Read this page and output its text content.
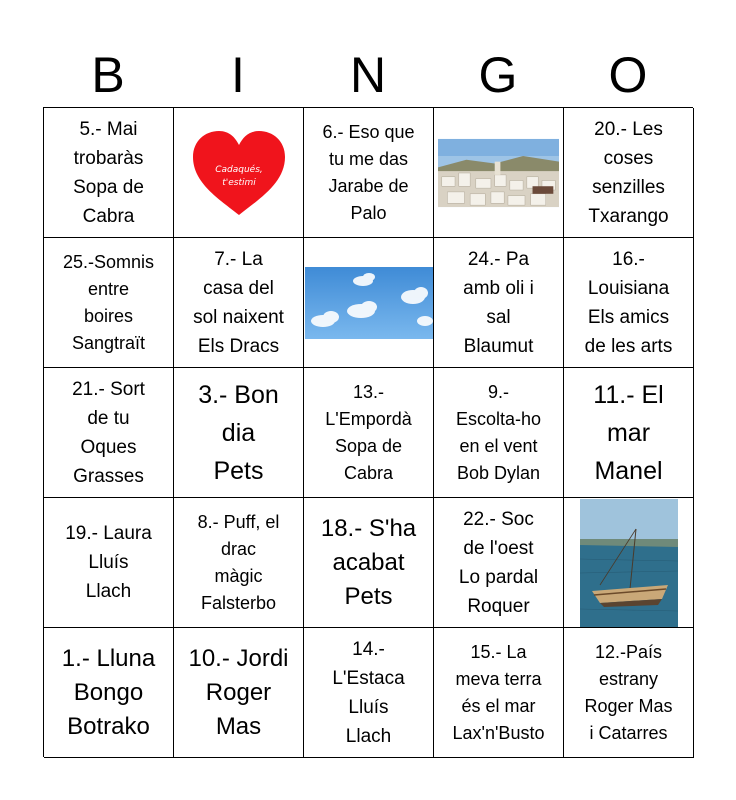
B	I	N	G	O
5.- Mai
trobaràs
Sopa de
Cabra
Cadaqués,
t'estimi
6.- Eso que
tu me das
Jarabe de
Palo
20.- Les
coses
senzilles
Txarango
25.-Somnis
entre
boires
Sangtraït
7.- La
casa del
sol naixent
Els Dracs
24.- Pa
amb oli i
sal
Blaumut
16.-
Louisiana
Els amics
de les arts
21.- Sort
de tu
Oques
Grasses
3.- Bon
dia
Pets
13.-
L'Empordà
Sopa de
Cabra
9.-
Escolta-ho
en el vent
Bob Dylan
11.- El
mar
Manel
19.- Laura
Lluís
Llach
8.- Puff, el
drac
màgic
Falsterbo
18.- S'ha
acabat
Pets
22.- Soc
de l'oest
Lo pardal
Roquer
1.- Lluna
Bongo
Botrako
10.- Jordi
Roger
Mas
14.-
L'Estaca
Lluís
Llach
15.- La
meva terra
és el mar
Lax'n'Busto
12.-País
estrany
Roger Mas
i Catarres
